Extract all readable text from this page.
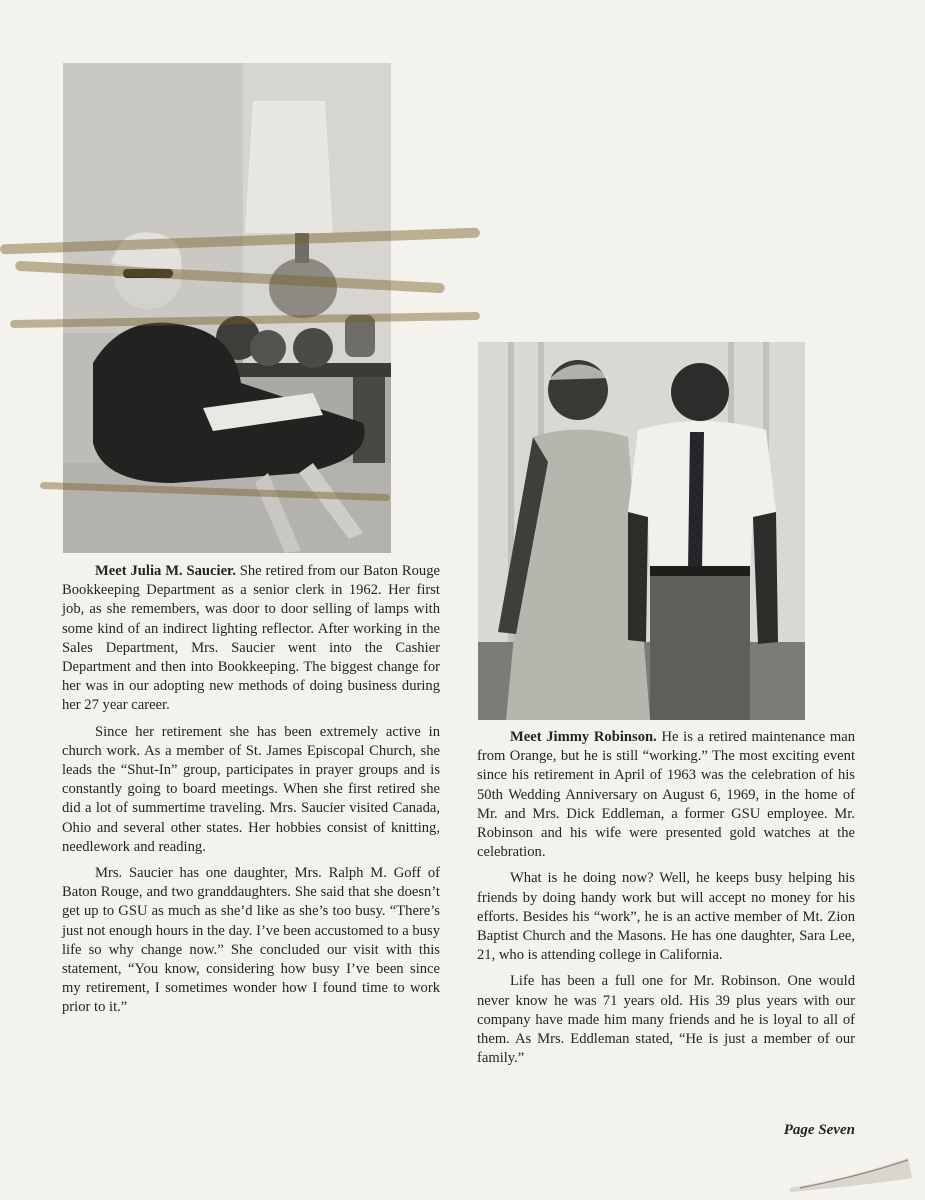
Meet Julia M. Saucier. She retired from our Baton Rouge Bookkeeping Department as a senior clerk in 1962. Her first job, as she remembers, was door to door selling of lamps with some kind of an indirect lighting reflector. After working in the Sales Department, Mrs. Saucier went into the Cashier Department and then into Bookkeeping. The biggest change for her was in our adopting new methods of doing business during her 27 year career.

Since her retirement she has been extremely active in church work. As a member of St. James Episcopal Church, she leads the “Shut-In” group, participates in prayer groups and is constantly going to board meetings. When she first retired she did a lot of summertime traveling. Mrs. Saucier visited Canada, Ohio and several other states. Her hobbies consist of knitting, needlework and reading.

Mrs. Saucier has one daughter, Mrs. Ralph M. Goff of Baton Rouge, and two granddaughters. She said that she doesn’t get up to GSU as much as she’d like as she’s too busy. “There’s just not enough hours in the day. I’ve been accustomed to a busy life so why change now.” She concluded our visit with this statement, “You know, considering how busy I’ve been since my retirement, I sometimes wonder how I found time to work prior to it.”

Meet Jimmy Robinson. He is a retired maintenance man from Orange, but he is still “working.” The most exciting event since his retirement in April of 1963 was the celebration of his 50th Wedding Anniversary on August 6, 1969, in the home of Mr. and Mrs. Dick Eddleman, a former GSU employee. Mr. Robinson and his wife were presented gold watches at the celebration.

What is he doing now? Well, he keeps busy helping his friends by doing handy work but will accept no money for his efforts. Besides his “work”, he is an active member of Mt. Zion Baptist Church and the Masons. He has one daughter, Sara Lee, 21, who is attending college in California.

Life has been a full one for Mr. Robinson. One would never know he was 71 years old. His 39 plus years with our company have made him many friends and he is loyal to all of them. As Mrs. Eddleman stated, “He is just a member of our family.”

Page Seven
